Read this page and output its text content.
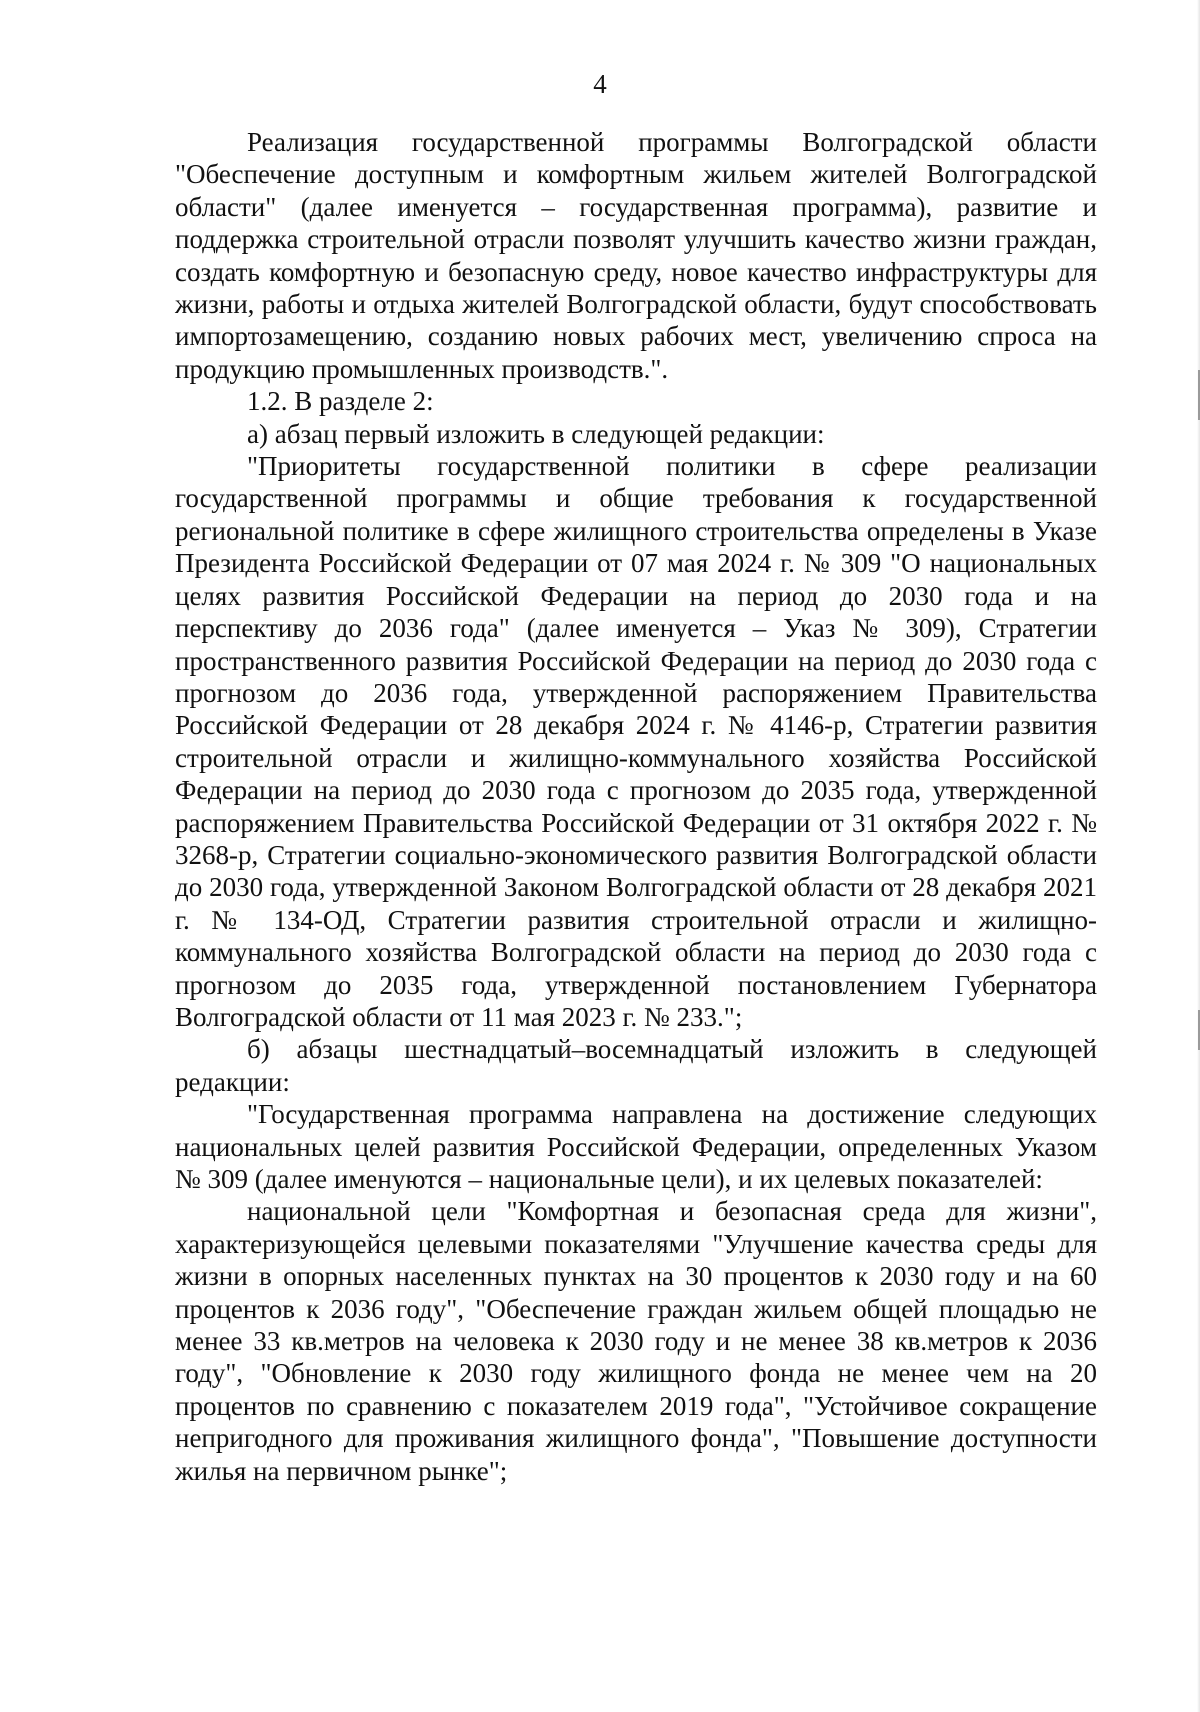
4

Реализация государственной программы Волгоградской области "Обеспечение доступным и комфортным жильем жителей Волгоградской области" (далее именуется – государственная программа), развитие и поддержка строительной отрасли позволят улучшить качество жизни граждан, создать комфортную и безопасную среду, новое качество инфраструктуры для жизни, работы и отдыха жителей Волгоградской области, будут способствовать импортозамещению, созданию новых рабочих мест, увеличению спроса на продукцию промышленных производств.".

1.2. В разделе 2:

а) абзац первый изложить в следующей редакции:

"Приоритеты государственной политики в сфере реализации государственной программы и общие требования к государственной региональной политике в сфере жилищного строительства определены в Указе Президента Российской Федерации от 07 мая 2024 г. № 309 "О национальных целях развития Российской Федерации на период до 2030 года и на перспективу до 2036 года" (далее именуется – Указ № 309), Стратегии пространственного развития Российской Федерации на период до 2030 года с прогнозом до 2036 года, утвержденной распоряжением Правительства Российской Федерации от 28 декабря 2024 г. № 4146-р, Стратегии развития строительной отрасли и жилищно-коммунального хозяйства Российской Федерации на период до 2030 года с прогнозом до 2035 года, утвержденной распоряжением Правительства Российской Федерации от 31 октября 2022 г. № 3268-р, Стратегии социально-экономического развития Волгоградской области до 2030 года, утвержденной Законом Волгоградской области от 28 декабря 2021 г. № 134-ОД, Стратегии развития строительной отрасли и жилищно-коммунального хозяйства Волгоградской области на период до 2030 года с прогнозом до 2035 года, утвержденной постановлением Губернатора Волгоградской области от 11 мая 2023 г. № 233.";

б) абзацы шестнадцатый–восемнадцатый изложить в следующей редакции:

"Государственная программа направлена на достижение следующих национальных целей развития Российской Федерации, определенных Указом № 309 (далее именуются – национальные цели), и их целевых показателей:

национальной цели "Комфортная и безопасная среда для жизни", характеризующейся целевыми показателями "Улучшение качества среды для жизни в опорных населенных пунктах на 30 процентов к 2030 году и на 60 процентов к 2036 году", "Обеспечение граждан жильем общей площадью не менее 33 кв.метров на человека к 2030 году и не менее 38 кв.метров к 2036 году", "Обновление к 2030 году жилищного фонда не менее чем на 20 процентов по сравнению с показателем 2019 года", "Устойчивое сокращение непригодного для проживания жилищного фонда", "Повышение доступности жилья на первичном рынке";
